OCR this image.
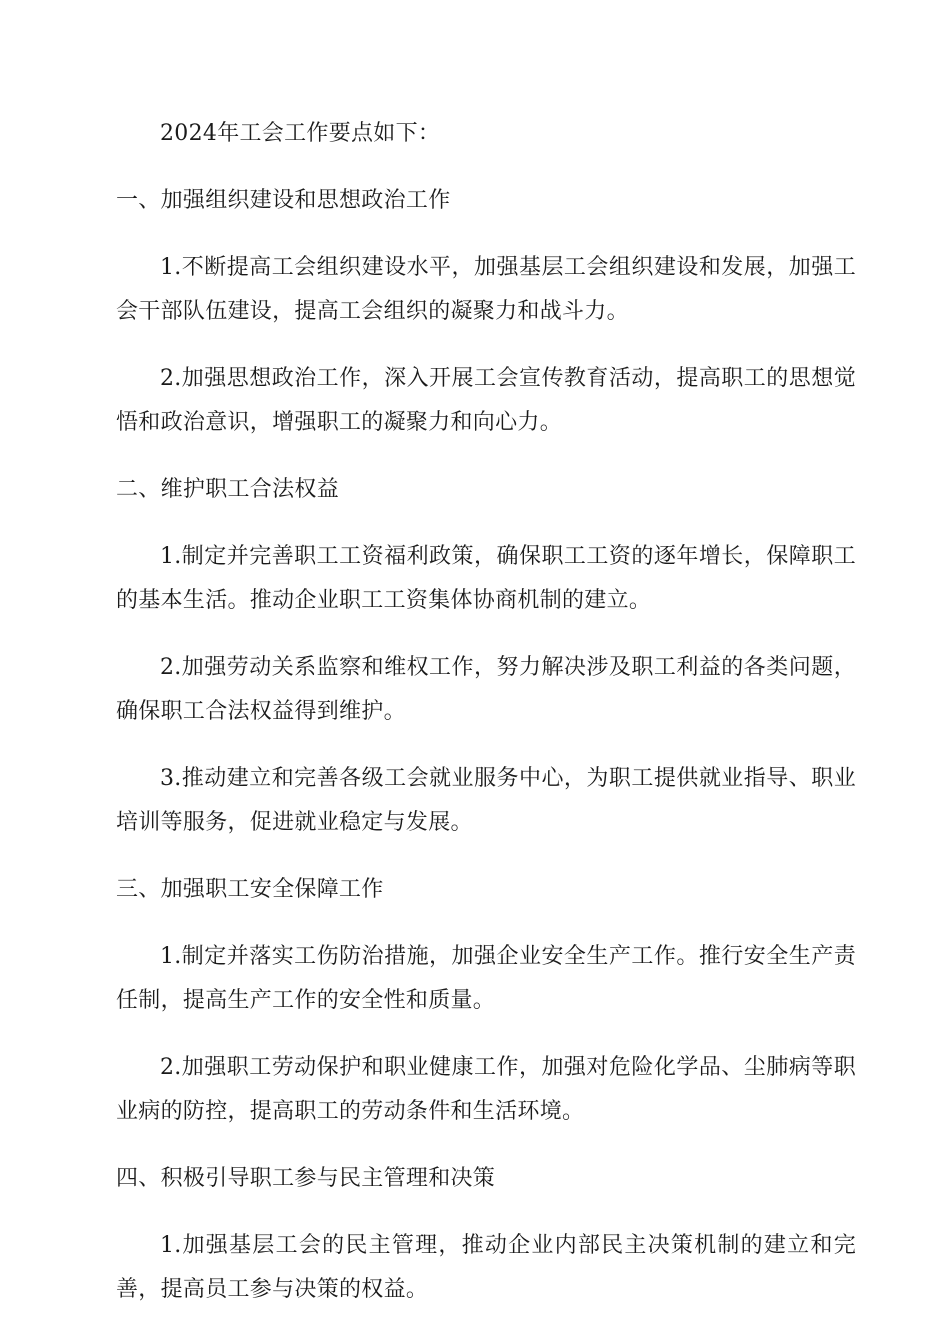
2024年工会工作要点如下：

一、加强组织建设和思想政治工作

1.不断提高工会组织建设水平，加强基层工会组织建设和发展，加强工会干部队伍建设，提高工会组织的凝聚力和战斗力。

2.加强思想政治工作，深入开展工会宣传教育活动，提高职工的思想觉悟和政治意识，增强职工的凝聚力和向心力。

二、维护职工合法权益

1.制定并完善职工工资福利政策，确保职工工资的逐年增长，保障职工的基本生活。推动企业职工工资集体协商机制的建立。

2.加强劳动关系监察和维权工作，努力解决涉及职工利益的各类问题，确保职工合法权益得到维护。

3.推动建立和完善各级工会就业服务中心，为职工提供就业指导、职业培训等服务，促进就业稳定与发展。

三、加强职工安全保障工作

1.制定并落实工伤防治措施，加强企业安全生产工作。推行安全生产责任制，提高生产工作的安全性和质量。

2.加强职工劳动保护和职业健康工作，加强对危险化学品、尘肺病等职业病的防控，提高职工的劳动条件和生活环境。

四、积极引导职工参与民主管理和决策

1.加强基层工会的民主管理，推动企业内部民主决策机制的建立和完善，提高员工参与决策的权益。
